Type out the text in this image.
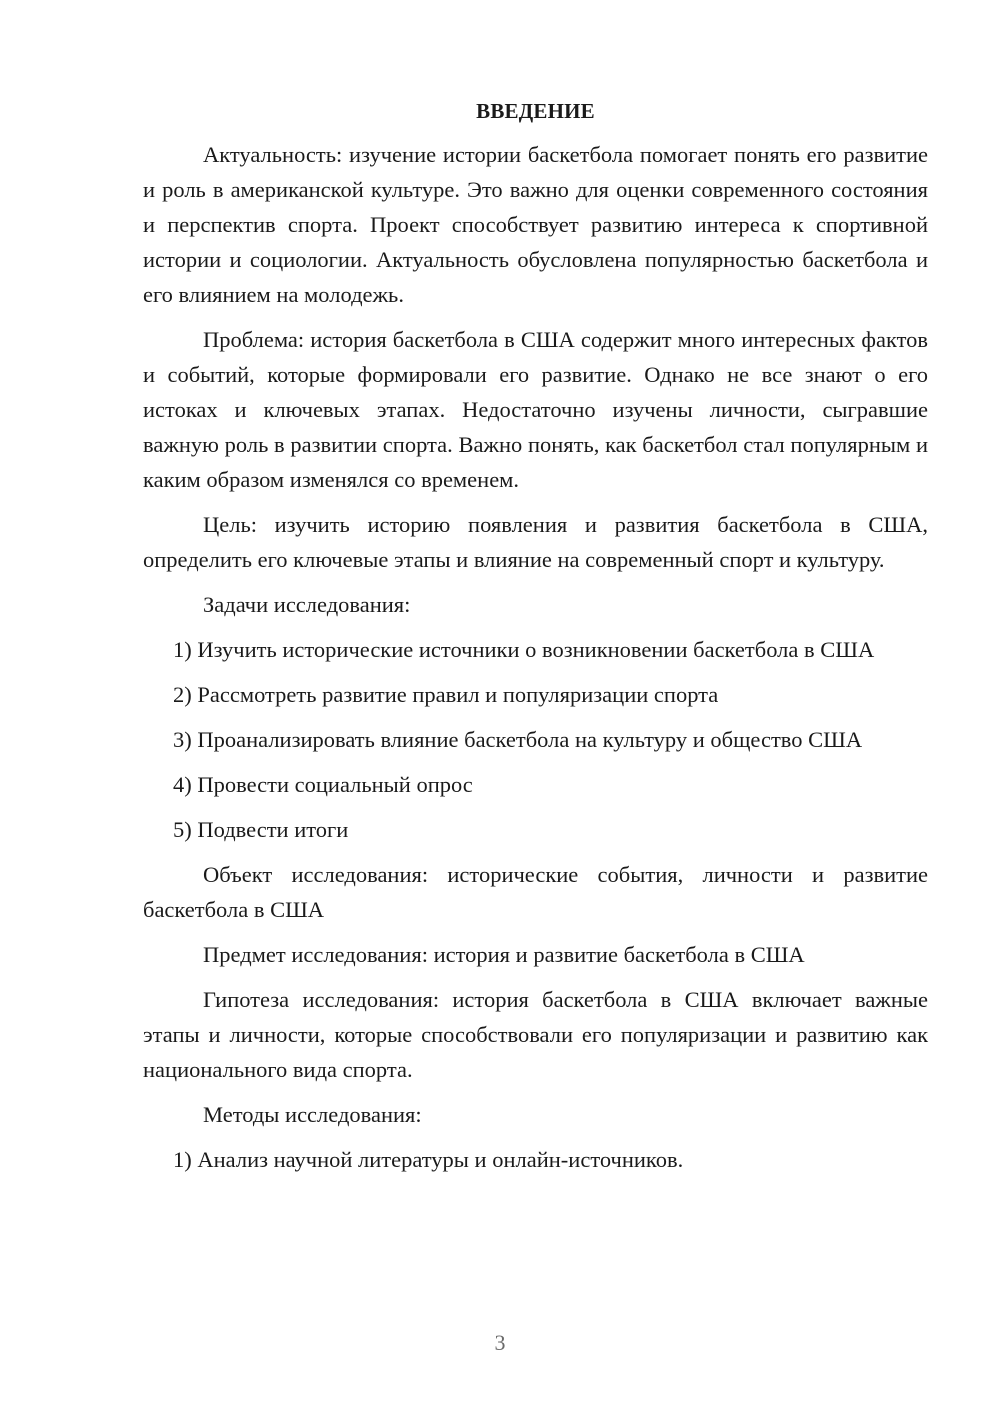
ВВЕДЕНИЕ

Актуальность: изучение истории баскетбола помогает понять его развитие и роль в американской культуре. Это важно для оценки современного состояния и перспектив спорта. Проект способствует развитию интереса к спортивной истории и социологии. Актуальность обусловлена популярностью баскетбола и его влиянием на молодежь.

Проблема: история баскетбола в США содержит много интересных фактов и событий, которые формировали его развитие. Однако не все знают о его истоках и ключевых этапах. Недостаточно изучены личности, сыгравшие важную роль в развитии спорта. Важно понять, как баскетбол стал популярным и каким образом изменялся со временем.

Цель: изучить историю появления и развития баскетбола в США, определить его ключевые этапы и влияние на современный спорт и культуру.

Задачи исследования:

1) Изучить исторические источники о возникновении баскетбола в США

2) Рассмотреть развитие правил и популяризации спорта

3) Проанализировать влияние баскетбола на культуру и общество США

4) Провести социальный опрос

5) Подвести итоги

Объект исследования: исторические события, личности и развитие баскетбола в США

Предмет исследования: история и развитие баскетбола в США

Гипотеза исследования: история баскетбола в США включает важные этапы и личности, которые способствовали его популяризации и развитию как национального вида спорта.

Методы исследования:

1) Анализ научной литературы и онлайн-источников.

3
